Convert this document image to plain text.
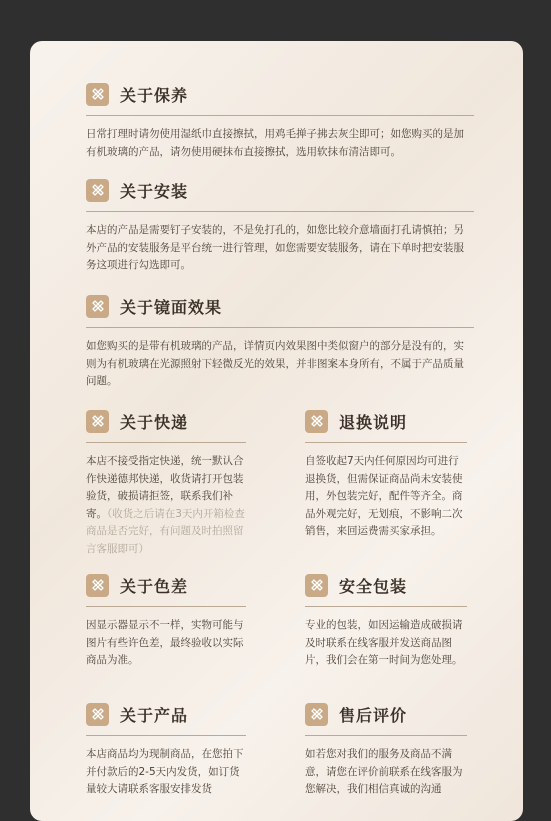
关于保养
日常打理时请勿使用湿纸巾直接擦拭，用鸡毛掸子拂去灰尘即可；如您购买的是加有机玻璃的产品，请勿使用硬抹布直接擦拭，选用软抹布清洁即可。
关于安装
本店的产品是需要钉子安装的，不是免打孔的，如您比较介意墙面打孔请慎拍；另外产品的安装服务是平台统一进行管理，如您需要安装服务，请在下单时把安装服务这项进行勾选即可。
关于镜面效果
如您购买的是带有机玻璃的产品，详情页内效果图中类似窗户的部分是没有的，实则为有机玻璃在光源照射下轻微反光的效果，并非图案本身所有，不属于产品质量问题。
关于快递
本店不接受指定快递，统一默认合作快递德邦快递，收货请打开包装验货，破损请拒签，联系我们补寄。（收货之后请在3天内开箱检查商品是否完好，有问题及时拍照留言客服即可）
退换说明
自签收起7天内任何原因均可进行退换货，但需保证商品尚未安装使用，外包装完好，配件等齐全。商品外观完好，无划痕，不影响二次销售，来回运费需买家承担。
关于色差
因显示器显示不一样，实物可能与图片有些许色差，最终验收以实际商品为准。
安全包装
专业的包装，如因运输造成破损请及时联系在线客服并发送商品图片，我们会在第一时间为您处理。
关于产品
本店商品均为现制商品，在您拍下并付款后的2-5天内发货，如订货量较大请联系客服安排发货
售后评价
如若您对我们的服务及商品不满意，请您在评价前联系在线客服为您解决，我们相信真诚的沟通
